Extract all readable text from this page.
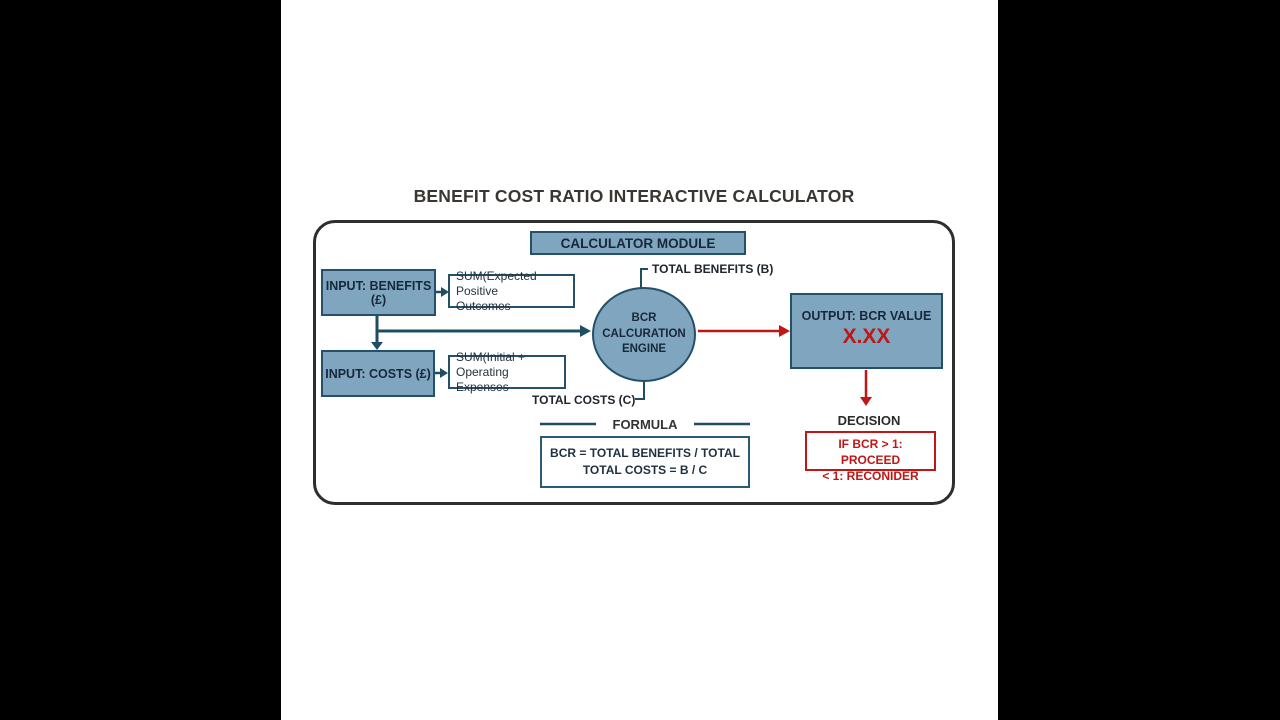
BENEFIT COST RATIO INTERACTIVE CALCULATOR
CALCULATOR MODULE
INPUT: BENEFITS (£)
SUM(Expected Positive
Outcomes
INPUT: COSTS (£)
SUM(Initial +
Operating Expenses
BCR
CALCURATION
ENGINE
TOTAL BENEFITS (B)
TOTAL COSTS (C)
OUTPUT: BCR VALUE
X.XX
DECISION
IF BCR > 1: PROCEED
< 1: RECONIDER
FORMULA
BCR = TOTAL BENEFITS / TOTAL
TOTAL COSTS = B / C
